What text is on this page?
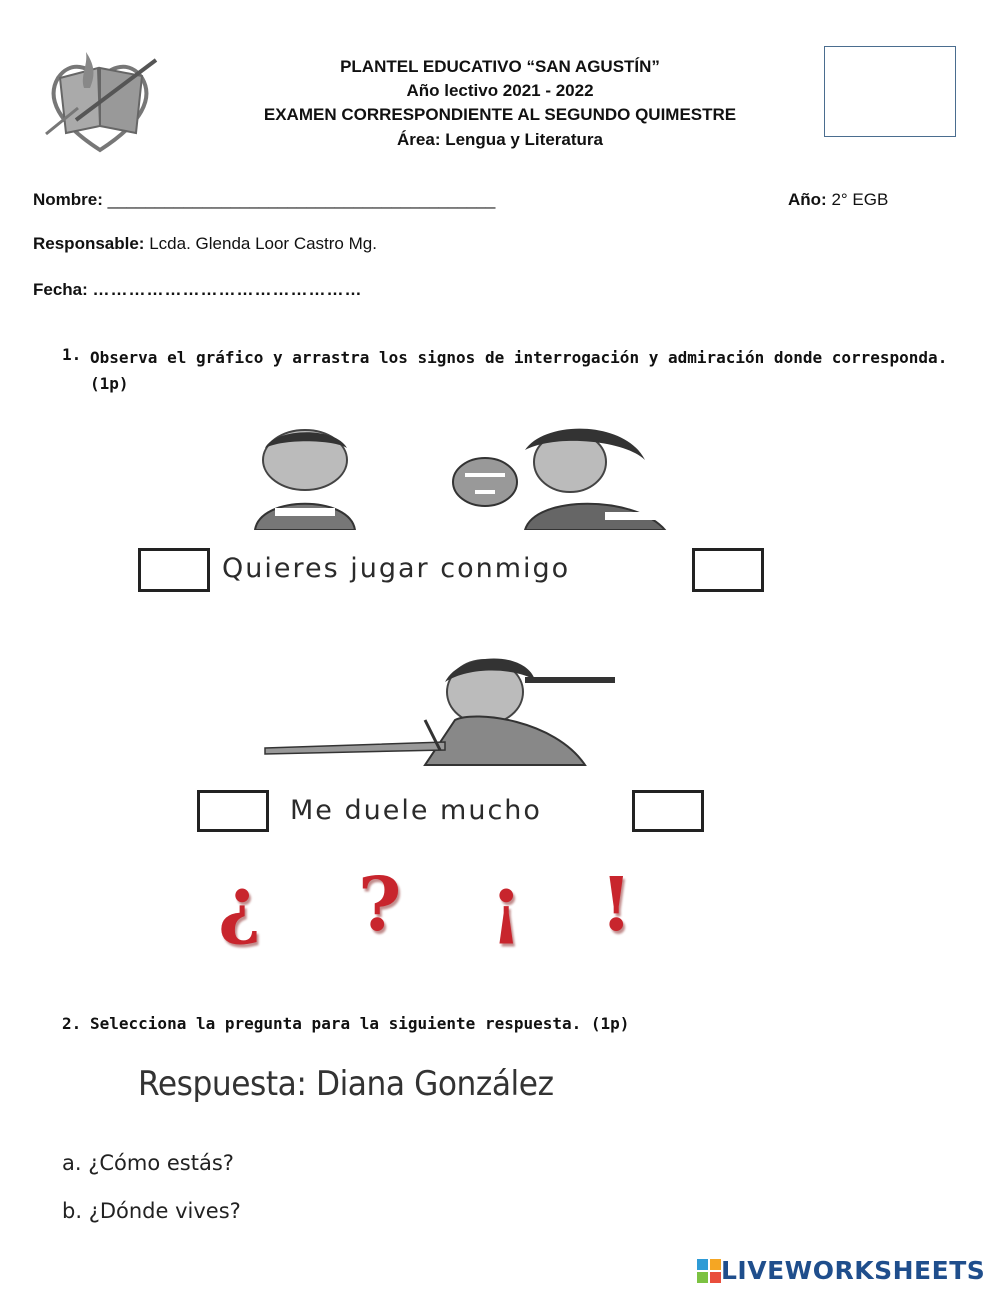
PLANTEL EDUCATIVO “SAN AGUSTÍN”
Año lectivo 2021 - 2022
EXAMEN CORRESPONDIENTE AL SEGUNDO QUIMESTRE
Área: Lengua y Literatura
Nombre: _________________________________________	Año: 2° EGB
Responsable: Lcda. Glenda Loor Castro Mg.
Fecha: ………………………………………
1. Observa el gráfico y arrastra los signos de interrogación y admiración donde corresponda.
(1p)
Quieres jugar conmigo
Me duele mucho
¿ ? ¡ !
2. Selecciona la pregunta para la siguiente respuesta. (1p)
Respuesta: Diana González
a. ¿Cómo estás?
b. ¿Dónde vives?
LIVEWORKSHEETS
